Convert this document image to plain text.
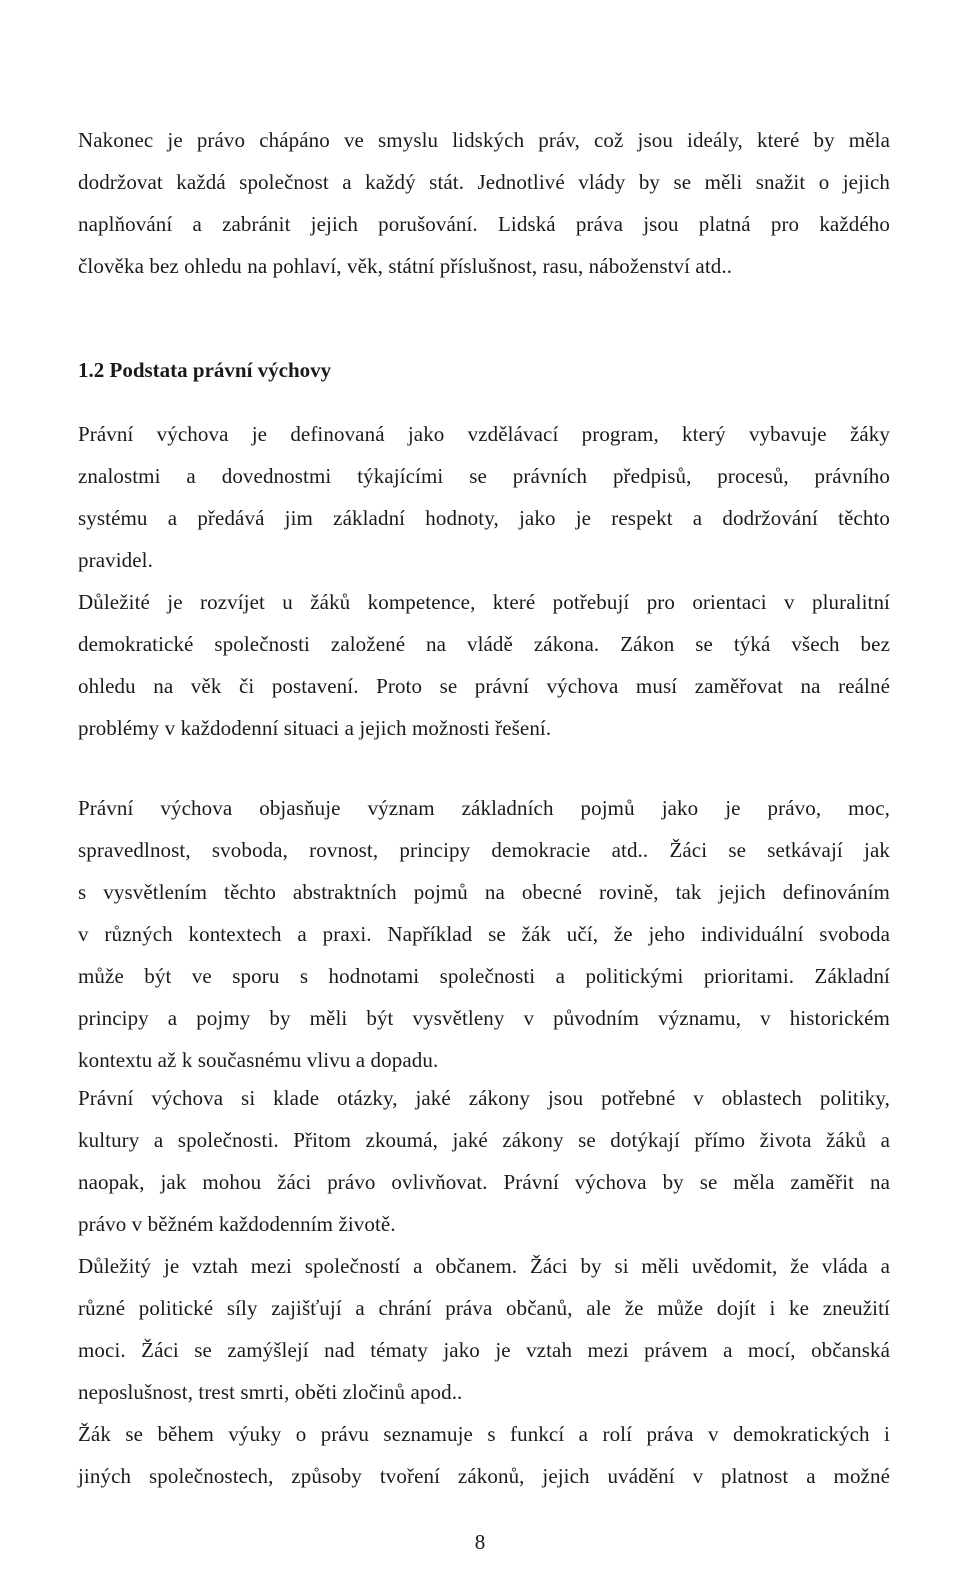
Nakonec je právo chápáno ve smyslu lidských práv, což jsou ideály, které by měla
dodržovat každá společnost a každý stát. Jednotlivé vlády by se měli snažit o jejich
naplňování a zabránit jejich porušování. Lidská práva jsou platná pro každého
člověka bez ohledu na pohlaví, věk, státní příslušnost, rasu, náboženství atd..
1.2 Podstata právní výchovy
Právní výchova je definovaná jako vzdělávací program, který vybavuje žáky
znalostmi a dovednostmi týkajícími se právních předpisů, procesů, právního
systému a předává jim základní hodnoty, jako je respekt a dodržování těchto
pravidel.
Důležité je rozvíjet u žáků kompetence, které potřebují pro orientaci v pluralitní
demokratické společnosti založené na vládě zákona. Zákon se týká všech bez
ohledu na věk či postavení. Proto se právní výchova musí zaměřovat na reálné
problémy v každodenní situaci a jejich možnosti řešení.
Právní výchova objasňuje význam základních pojmů jako je právo, moc,
spravedlnost, svoboda, rovnost, principy demokracie atd.. Žáci se setkávají jak
s vysvětlením těchto abstraktních pojmů na obecné rovině, tak jejich definováním
v různých kontextech a praxi. Například se žák učí, že jeho individuální svoboda
může být ve sporu s hodnotami společnosti a politickými prioritami. Základní
principy a pojmy by měli být vysvětleny v původním významu, v historickém
kontextu až k současnému vlivu a dopadu.
Právní výchova si klade otázky, jaké zákony jsou potřebné v oblastech politiky,
kultury a společnosti. Přitom zkoumá, jaké zákony se dotýkají přímo života žáků a
naopak, jak mohou žáci právo ovlivňovat. Právní výchova by se měla zaměřit na
právo v běžném každodenním životě.
Důležitý je vztah mezi společností a občanem. Žáci by si měli uvědomit, že vláda a
různé politické síly zajišťují a chrání práva občanů, ale že může dojít i ke zneužití
moci. Žáci se zamýšlejí nad tématy jako je vztah mezi právem a mocí, občanská
neposlušnost, trest smrti, oběti zločinů apod..
Žák se během výuky o právu seznamuje s funkcí a rolí práva v demokratických i
jiných společnostech, způsoby tvoření zákonů, jejich uvádění v platnost a možné
8
